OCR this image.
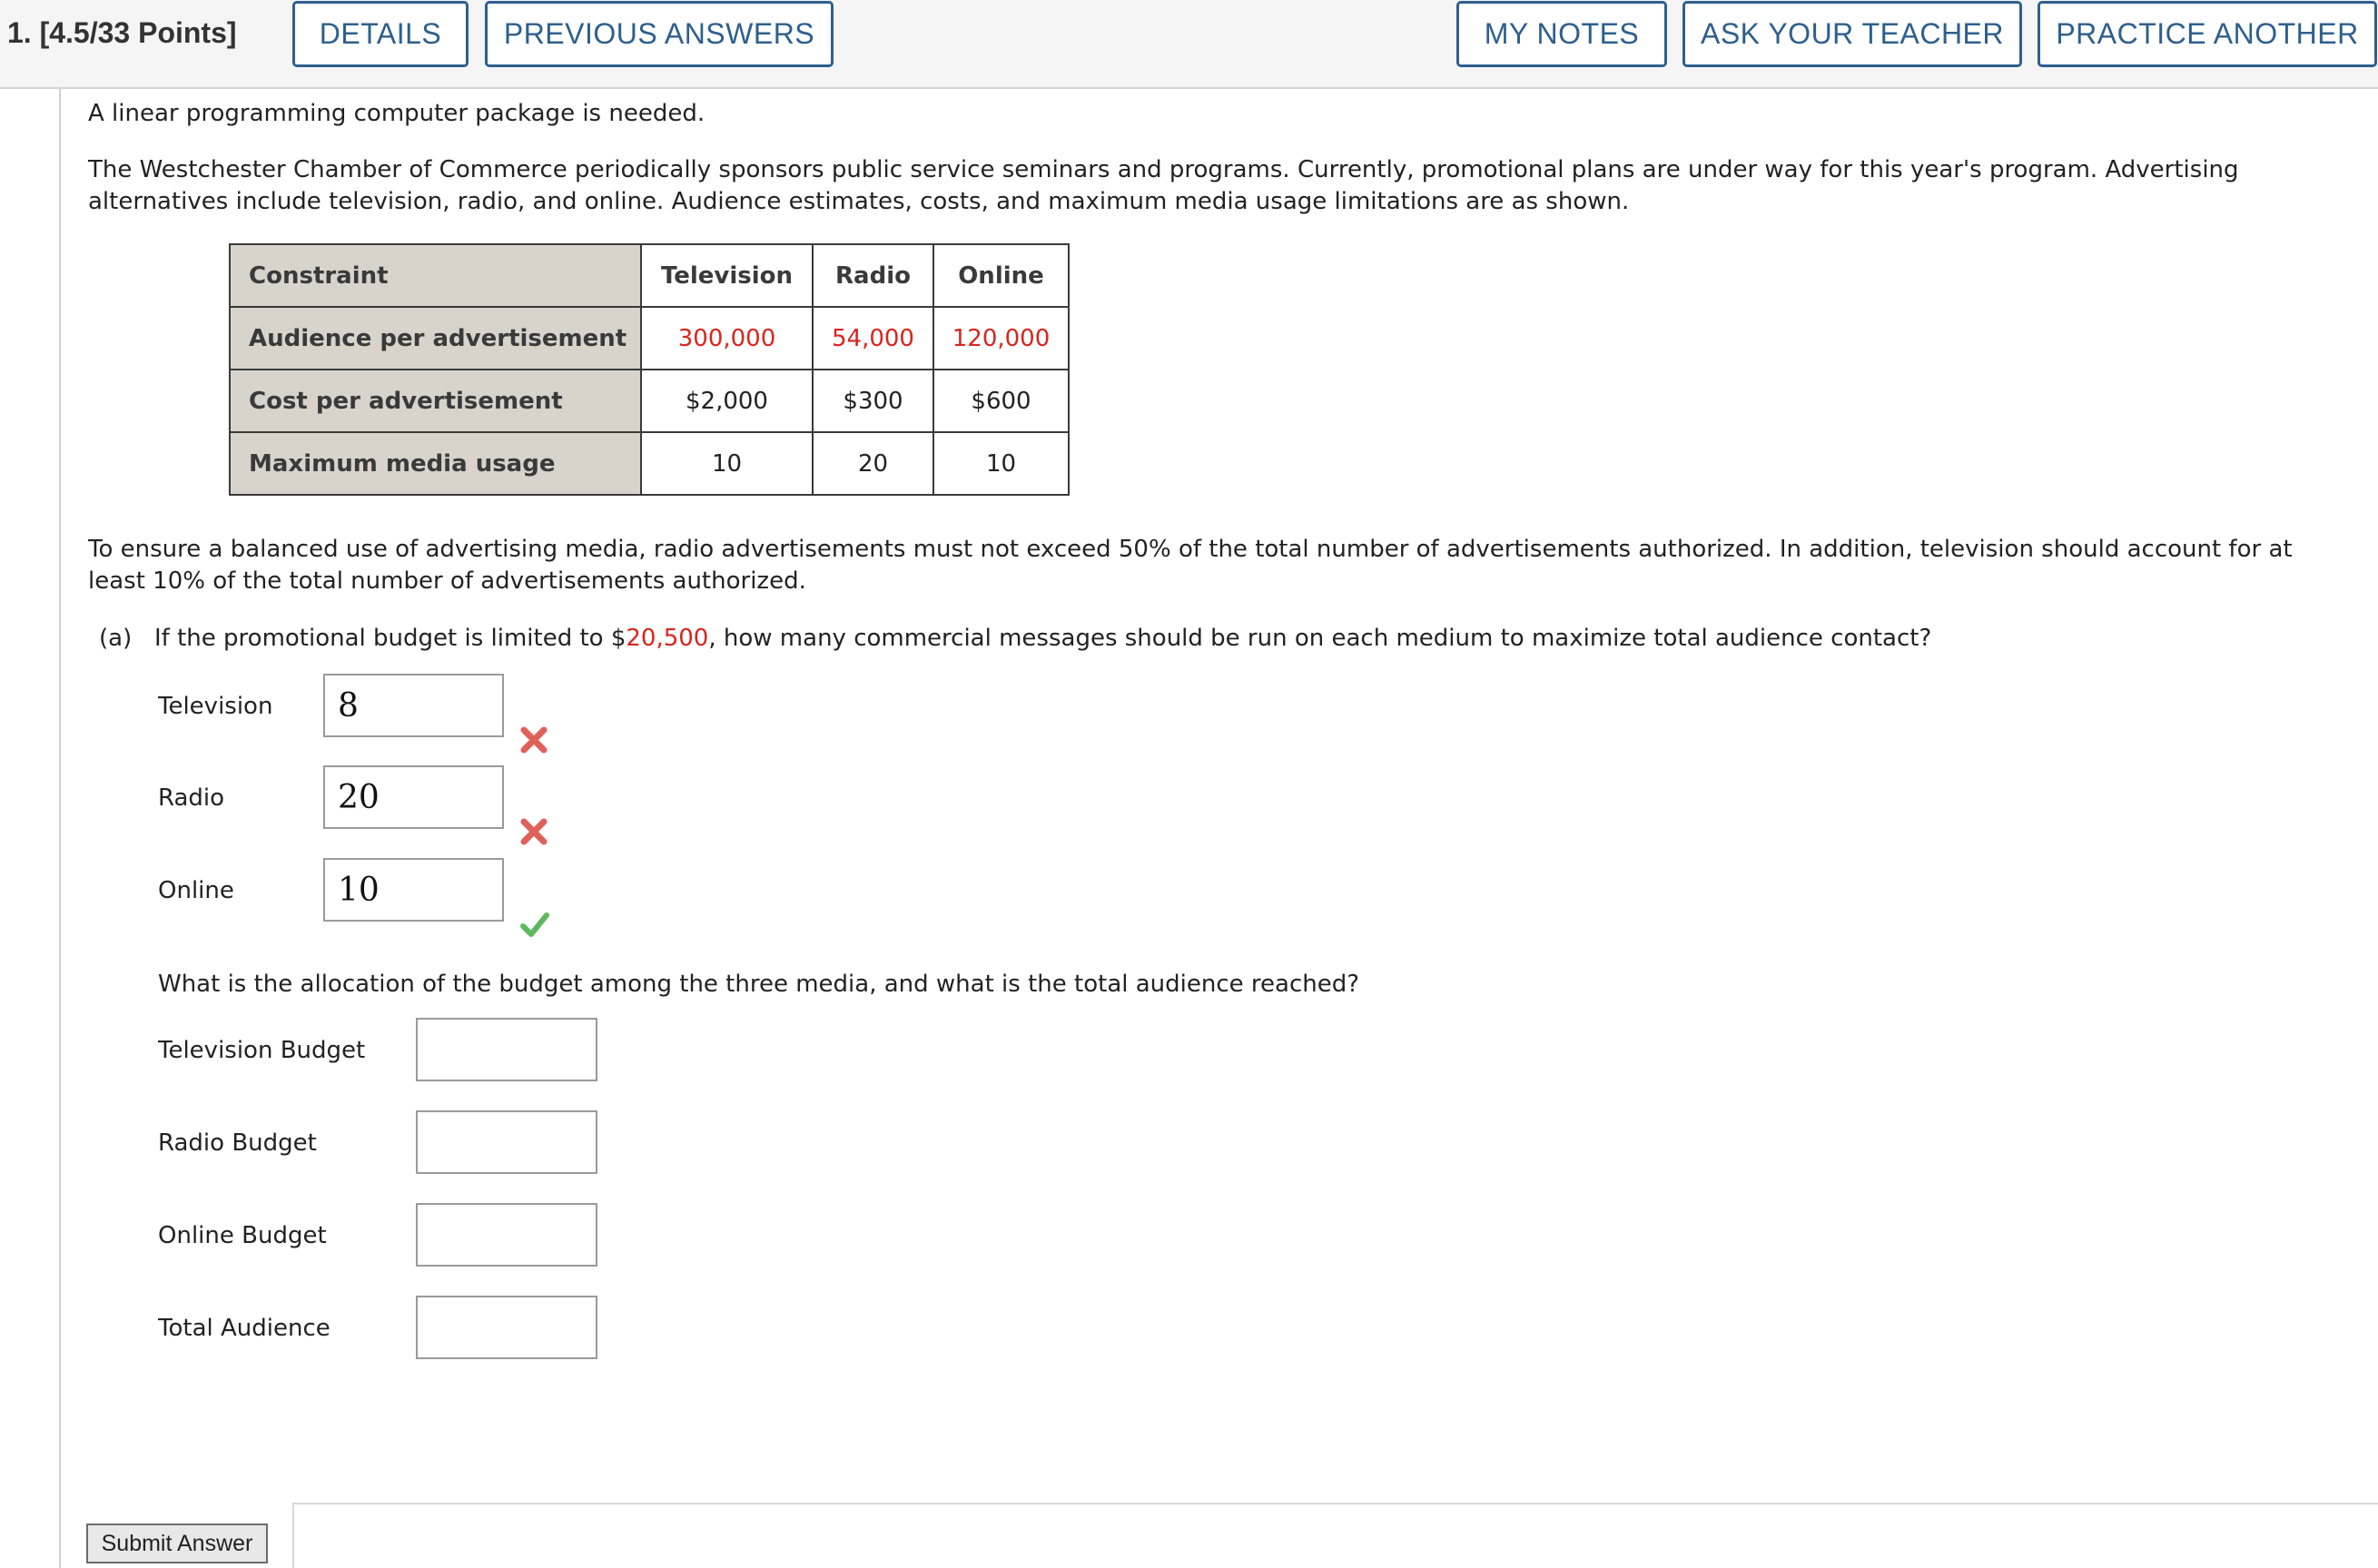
1. [4.5/33 Points]	DETAILS	PREVIOUS ANSWERS	MY NOTES	ASK YOUR TEACHER	PRACTICE ANOTHER
A linear programming computer package is needed.
The Westchester Chamber of Commerce periodically sponsors public service seminars and programs. Currently, promotional plans are under way for this year's program. Advertising
alternatives include television, radio, and online. Audience estimates, costs, and maximum media usage limitations are as shown.
Constraint	Television	Radio	Online
Audience per advertisement	300,000	54,000	120,000
Cost per advertisement	$2,000	$300	$600
Maximum media usage	10	20	10
To ensure a balanced use of advertising media, radio advertisements must not exceed 50% of the total number of advertisements authorized. In addition, television should account for at
least 10% of the total number of advertisements authorized.
(a)   If the promotional budget is limited to $20,500, how many commercial messages should be run on each medium to maximize total audience contact?
Television
8
Radio
20
Online
10
What is the allocation of the budget among the three media, and what is the total audience reached?
Television Budget
Radio Budget
Online Budget
Total Audience
Submit Answer
